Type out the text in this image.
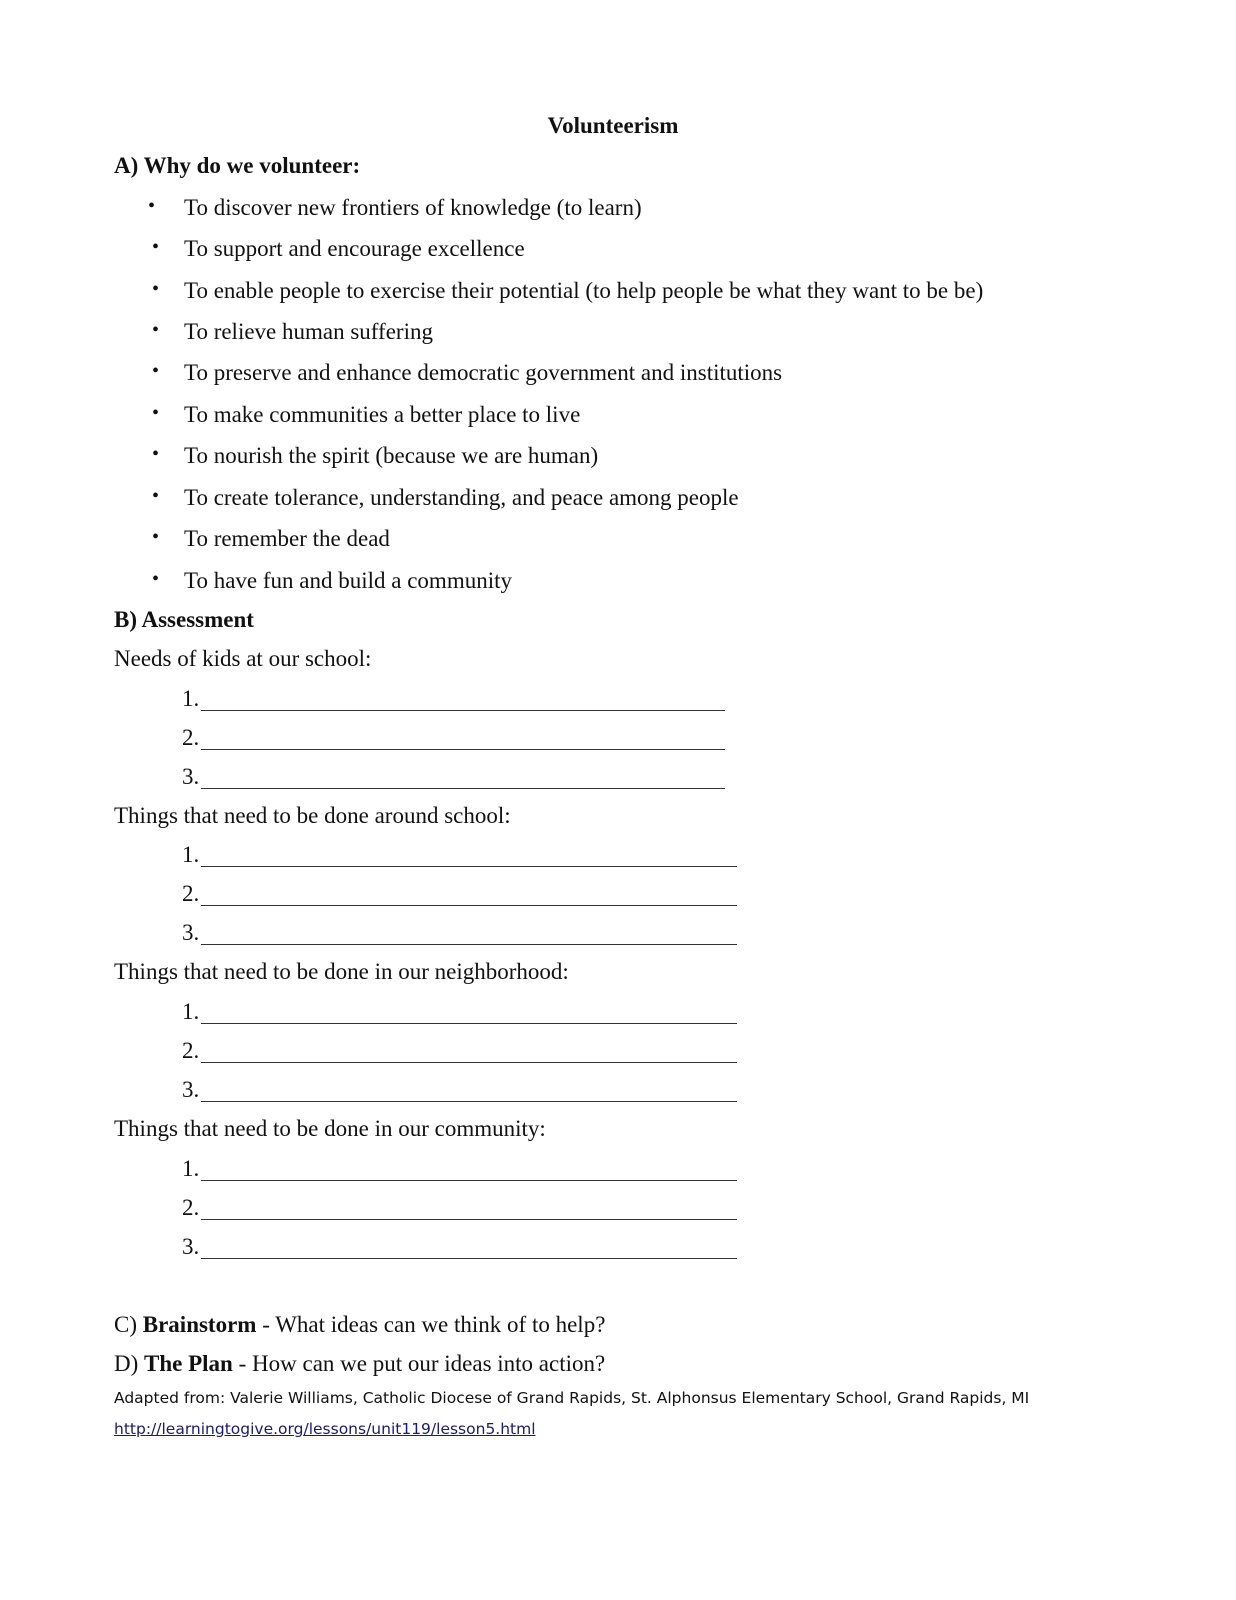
Volunteerism
A) Why do we volunteer:
• To discover new frontiers of knowledge (to learn)
• To support and encourage excellence
• To enable people to exercise their potential (to help people be what they want to be be)
• To relieve human suffering
• To preserve and enhance democratic government and institutions
• To make communities a better place to live
• To nourish the spirit (because we are human)
• To create tolerance, understanding, and peace among people
• To remember the dead
• To have fun and build a community
B) Assessment
Needs of kids at our school:
1.
2.
3.
Things that need to be done around school:
1.
2.
3.
Things that need to be done in our neighborhood:
1.
2.
3.
Things that need to be done in our community:
1.
2.
3.
C) Brainstorm - What ideas can we think of to help?
D) The Plan - How can we put our ideas into action?
Adapted from: Valerie Williams, Catholic Diocese of Grand Rapids, St. Alphonsus Elementary School, Grand Rapids, MI
http://learningtogive.org/lessons/unit119/lesson5.html
